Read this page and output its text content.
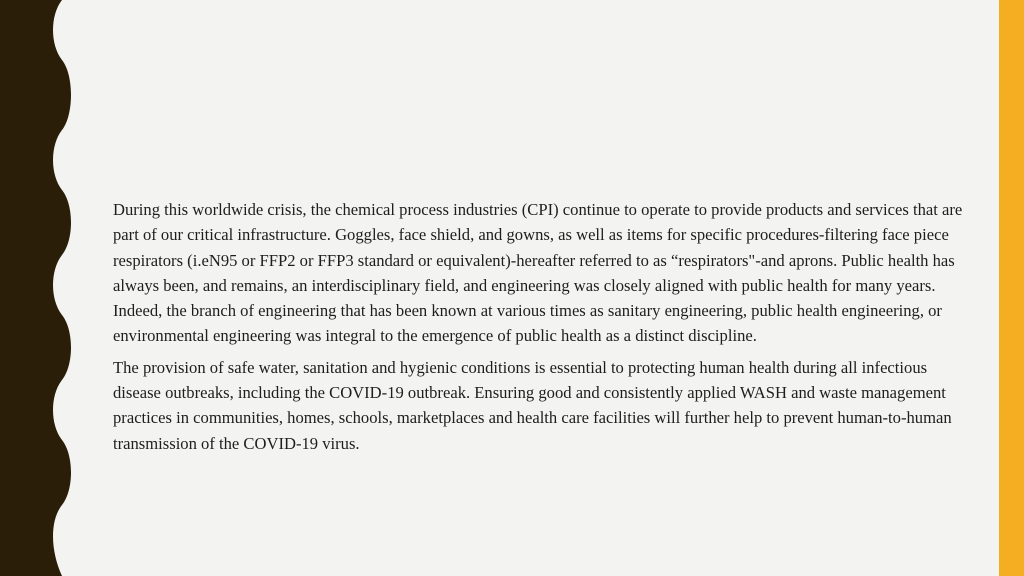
During this worldwide crisis, the chemical process industries (CPI) continue to operate to provide products and services that are part of our critical infrastructure. Goggles, face shield, and gowns, as well as items for specific procedures-filtering face piece respirators (i.eN95 or FFP2 or FFP3 standard or equivalent)-hereafter referred to as “respirators"-and aprons. Public health has always been, and remains, an interdisciplinary field, and engineering was closely aligned with public health for many years. Indeed, the branch of engineering that has been known at various times as sanitary engineering, public health engineering, or environmental engineering was integral to the emergence of public health as a distinct discipline.

The provision of safe water, sanitation and hygienic conditions is essential to protecting human health during all infectious disease outbreaks, including the COVID-19 outbreak. Ensuring good and consistently applied WASH and waste management practices in communities, homes, schools, marketplaces and health care facilities will further help to prevent human-to-human transmission of the COVID-19 virus.
